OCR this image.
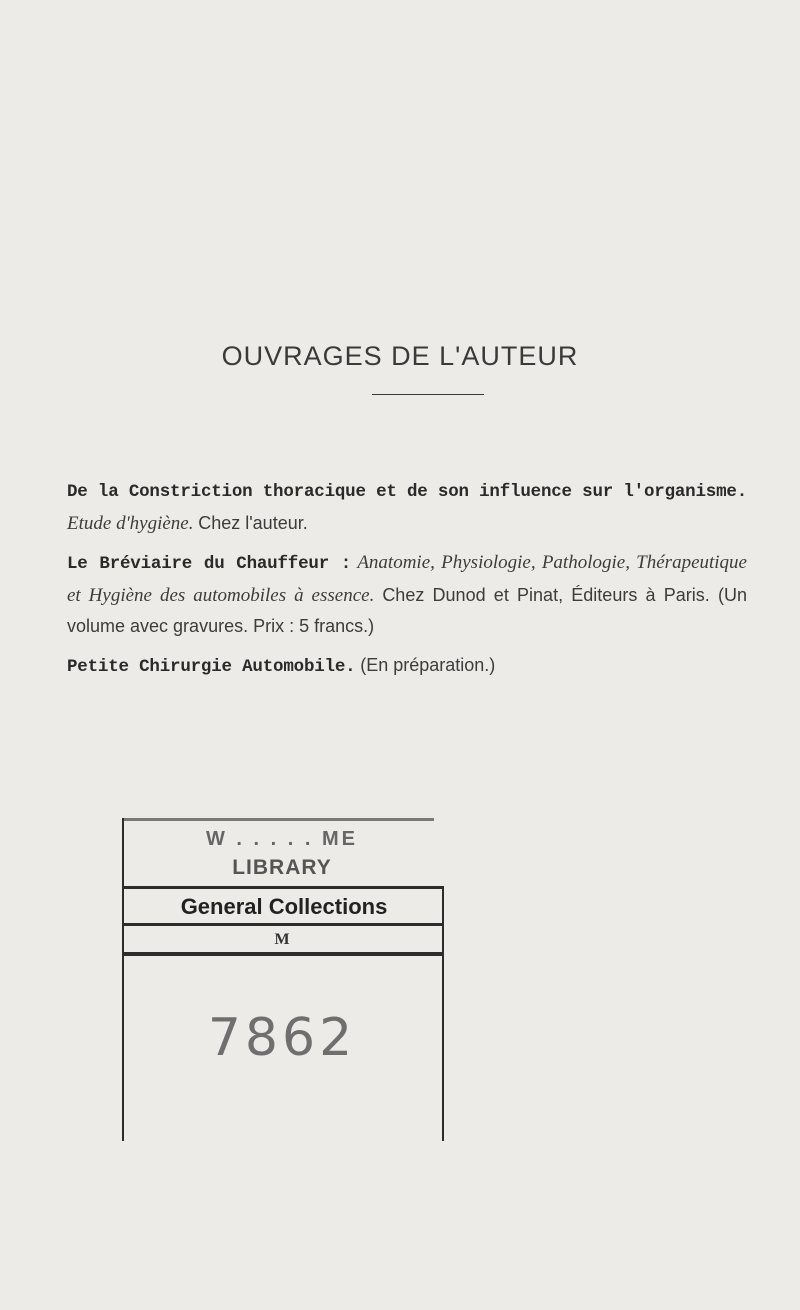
OUVRAGES DE L'AUTEUR

De la Constriction thoracique et de son influence sur l'organisme. Etude d'hygiène. Chez l'auteur.

Le Bréviaire du Chauffeur : Anatomie, Physiologie, Pathologie, Thérapeutique et Hygiène des automobiles à essence. Chez Dunod et Pinat, Éditeurs à Paris. (Un volume avec gravures. Prix : 5 francs.)

Petite Chirurgie Automobile. (En préparation.)

W . . . . . ME
LIBRARY
General Collections
M
7862
